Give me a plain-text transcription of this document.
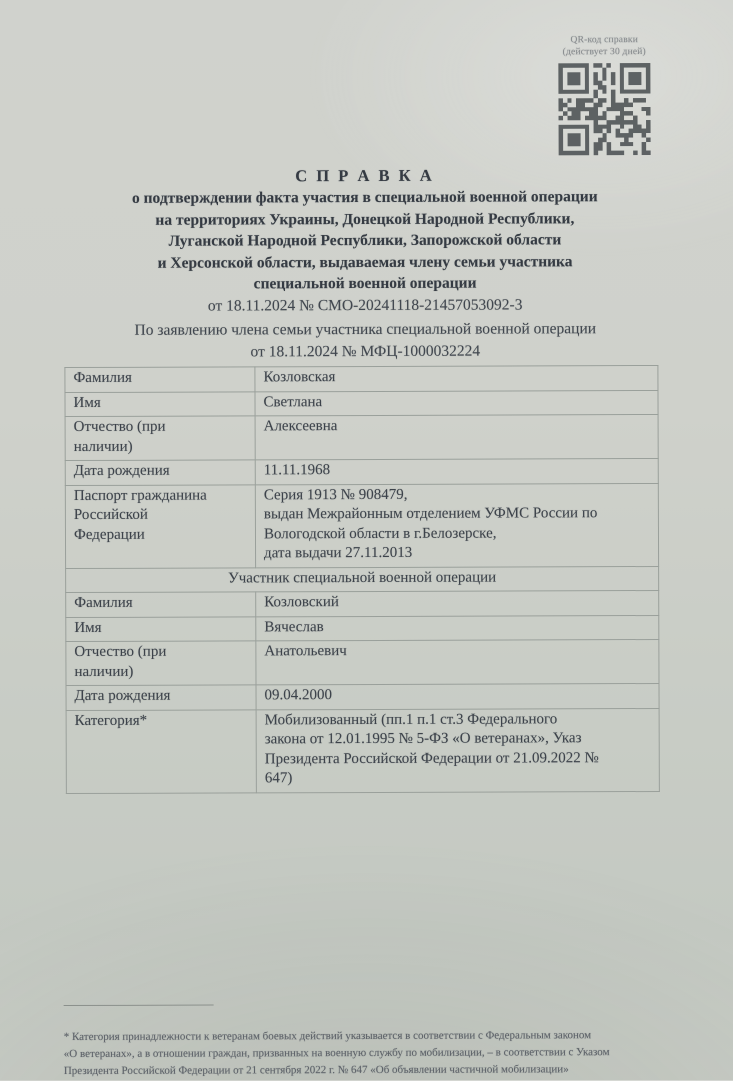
QR-код справки
(действует 30 дней)
С П Р А В К А
о подтверждении факта участия в специальной военной операции
на территориях Украины, Донецкой Народной Республики,
Луганской Народной Республики, Запорожской области
и Херсонской области, выдаваемая члену семьи участника
специальной военной операции
от 18.11.2024 № СМО-20241118-21457053092-3
По заявлению члена семьи участника специальной военной операции
от 18.11.2024 № МФЦ-1000032224
Фамилия	Козловская
Имя	Светлана
Отчество (при
наличии)	Алексеевна
Дата рождения	11.11.1968
Паспорт гражданина
Российской
Федерации	Серия 1913 № 908479,
выдан Межрайонным отделением УФМС России по
Вологодской области в г.Белозерске,
дата выдачи 27.11.2013
Участник специальной военной операции	
Фамилия	Козловский
Имя	Вячеслав
Отчество (при
наличии)	Анатольевич
Дата рождения	09.04.2000
Категория*	Мобилизованный (пп.1 п.1 ст.3 Федерального
закона от 12.01.1995 № 5-ФЗ «О ветеранах», Указ
Президента Российской Федерации от 21.09.2022 №
647)

* Категория принадлежности к ветеранам боевых действий указывается в соответствии с Федеральным законом
«О ветеранах», а в отношении граждан, призванных на военную службу по мобилизации, – в соответствии с Указом
Президента Российской Федерации от 21 сентября 2022 г. № 647 «Об объявлении частичной мобилизации»
